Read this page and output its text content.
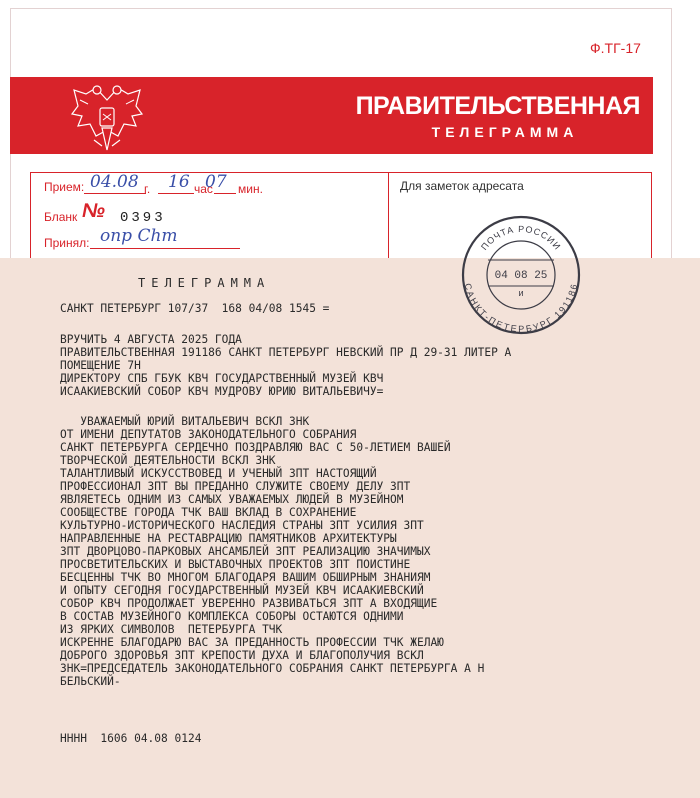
Ф.ТГ-17
ПРАВИТЕЛЬСТВЕННАЯ
ТЕЛЕГРАММА
Прием: 04.08 г. 16 час
07 мин.
Бланк № 0393
Принял: опр Сhт
Для заметок адресата
ПОЧТА РОССИИ
САНКТ-ПЕТЕРБУРГ 191186
04 08 25
и
ТЕЛЕГРАММА
САНКТ ПЕТЕРБУРГ 107/37  168 04/08 1545 =
ВРУЧИТЬ 4 АВГУСТА 2025 ГОДА
ПРАВИТЕЛЬСТВЕННАЯ 191186 САНКТ ПЕТЕРБУРГ НЕВСКИЙ ПР Д 29-31 ЛИТЕР А
ПОМЕЩЕНИЕ 7Н
ДИРЕКТОРУ СПБ ГБУК КВЧ ГОСУДАРСТВЕННЫЙ МУЗЕЙ КВЧ
ИСААКИЕВСКИЙ СОБОР КВЧ МУДРОВУ ЮРИЮ ВИТАЛЬЕВИЧУ=
УВАЖАЕМЫЙ ЮРИЙ ВИТАЛЬЕВИЧ ВСКЛ ЗНК
ОТ ИМЕНИ ДЕПУТАТОВ ЗАКОНОДАТЕЛЬНОГО СОБРАНИЯ
САНКТ ПЕТЕРБУРГА СЕРДЕЧНО ПОЗДРАВЛЯЮ ВАС С 50-ЛЕТИЕМ ВАШЕЙ
ТВОРЧЕСКОЙ ДЕЯТЕЛЬНОСТИ ВСКЛ ЗНК
ТАЛАНТЛИВЫЙ ИСКУССТВОВЕД И УЧЕНЫЙ ЗПТ НАСТОЯЩИЙ
ПРОФЕССИОНАЛ ЗПТ ВЫ ПРЕДАННО СЛУЖИТЕ СВОЕМУ ДЕЛУ ЗПТ
ЯВЛЯЕТЕСЬ ОДНИМ ИЗ САМЫХ УВАЖАЕМЫХ ЛЮДЕЙ В МУЗЕЙНОМ
СООБЩЕСТВЕ ГОРОДА ТЧК ВАШ ВКЛАД В СОХРАНЕНИЕ
КУЛЬТУРНО-ИСТОРИЧЕСКОГО НАСЛЕДИЯ СТРАНЫ ЗПТ УСИЛИЯ ЗПТ
НАПРАВЛЕННЫЕ НА РЕСТАВРАЦИЮ ПАМЯТНИКОВ АРХИТЕКТУРЫ
ЗПТ ДВОРЦОВО-ПАРКОВЫХ АНСАМБЛЕЙ ЗПТ РЕАЛИЗАЦИЮ ЗНАЧИМЫХ
ПРОСВЕТИТЕЛЬСКИХ И ВЫСТАВОЧНЫХ ПРОЕКТОВ ЗПТ ПОИСТИНЕ
БЕСЦЕННЫ ТЧК ВО МНОГОМ БЛАГОДАРЯ ВАШИМ ОБШИРНЫМ ЗНАНИЯМ
И ОПЫТУ СЕГОДНЯ ГОСУДАРСТВЕННЫЙ МУЗЕЙ КВЧ ИСААКИЕВСКИЙ
СОБОР КВЧ ПРОДОЛЖАЕТ УВЕРЕННО РАЗВИВАТЬСЯ ЗПТ А ВХОДЯЩИЕ
В СОСТАВ МУЗЕЙНОГО КОМПЛЕКСА СОБОРЫ ОСТАЮТСЯ ОДНИМИ
ИЗ ЯРКИХ СИМВОЛОВ  ПЕТЕРБУРГА ТЧК
ИСКРЕННЕ БЛАГОДАРЮ ВАС ЗА ПРЕДАННОСТЬ ПРОФЕССИИ ТЧК ЖЕЛАЮ
ДОБРОГО ЗДОРОВЬЯ ЗПТ КРЕПОСТИ ДУХА И БЛАГОПОЛУЧИЯ ВСКЛ
ЗНК=ПРЕДСЕДАТЕЛЬ ЗАКОНОДАТЕЛЬНОГО СОБРАНИЯ САНКТ ПЕТЕРБУРГА А Н
БЕЛЬСКИЙ-
НННН  1606 04.08 0124
